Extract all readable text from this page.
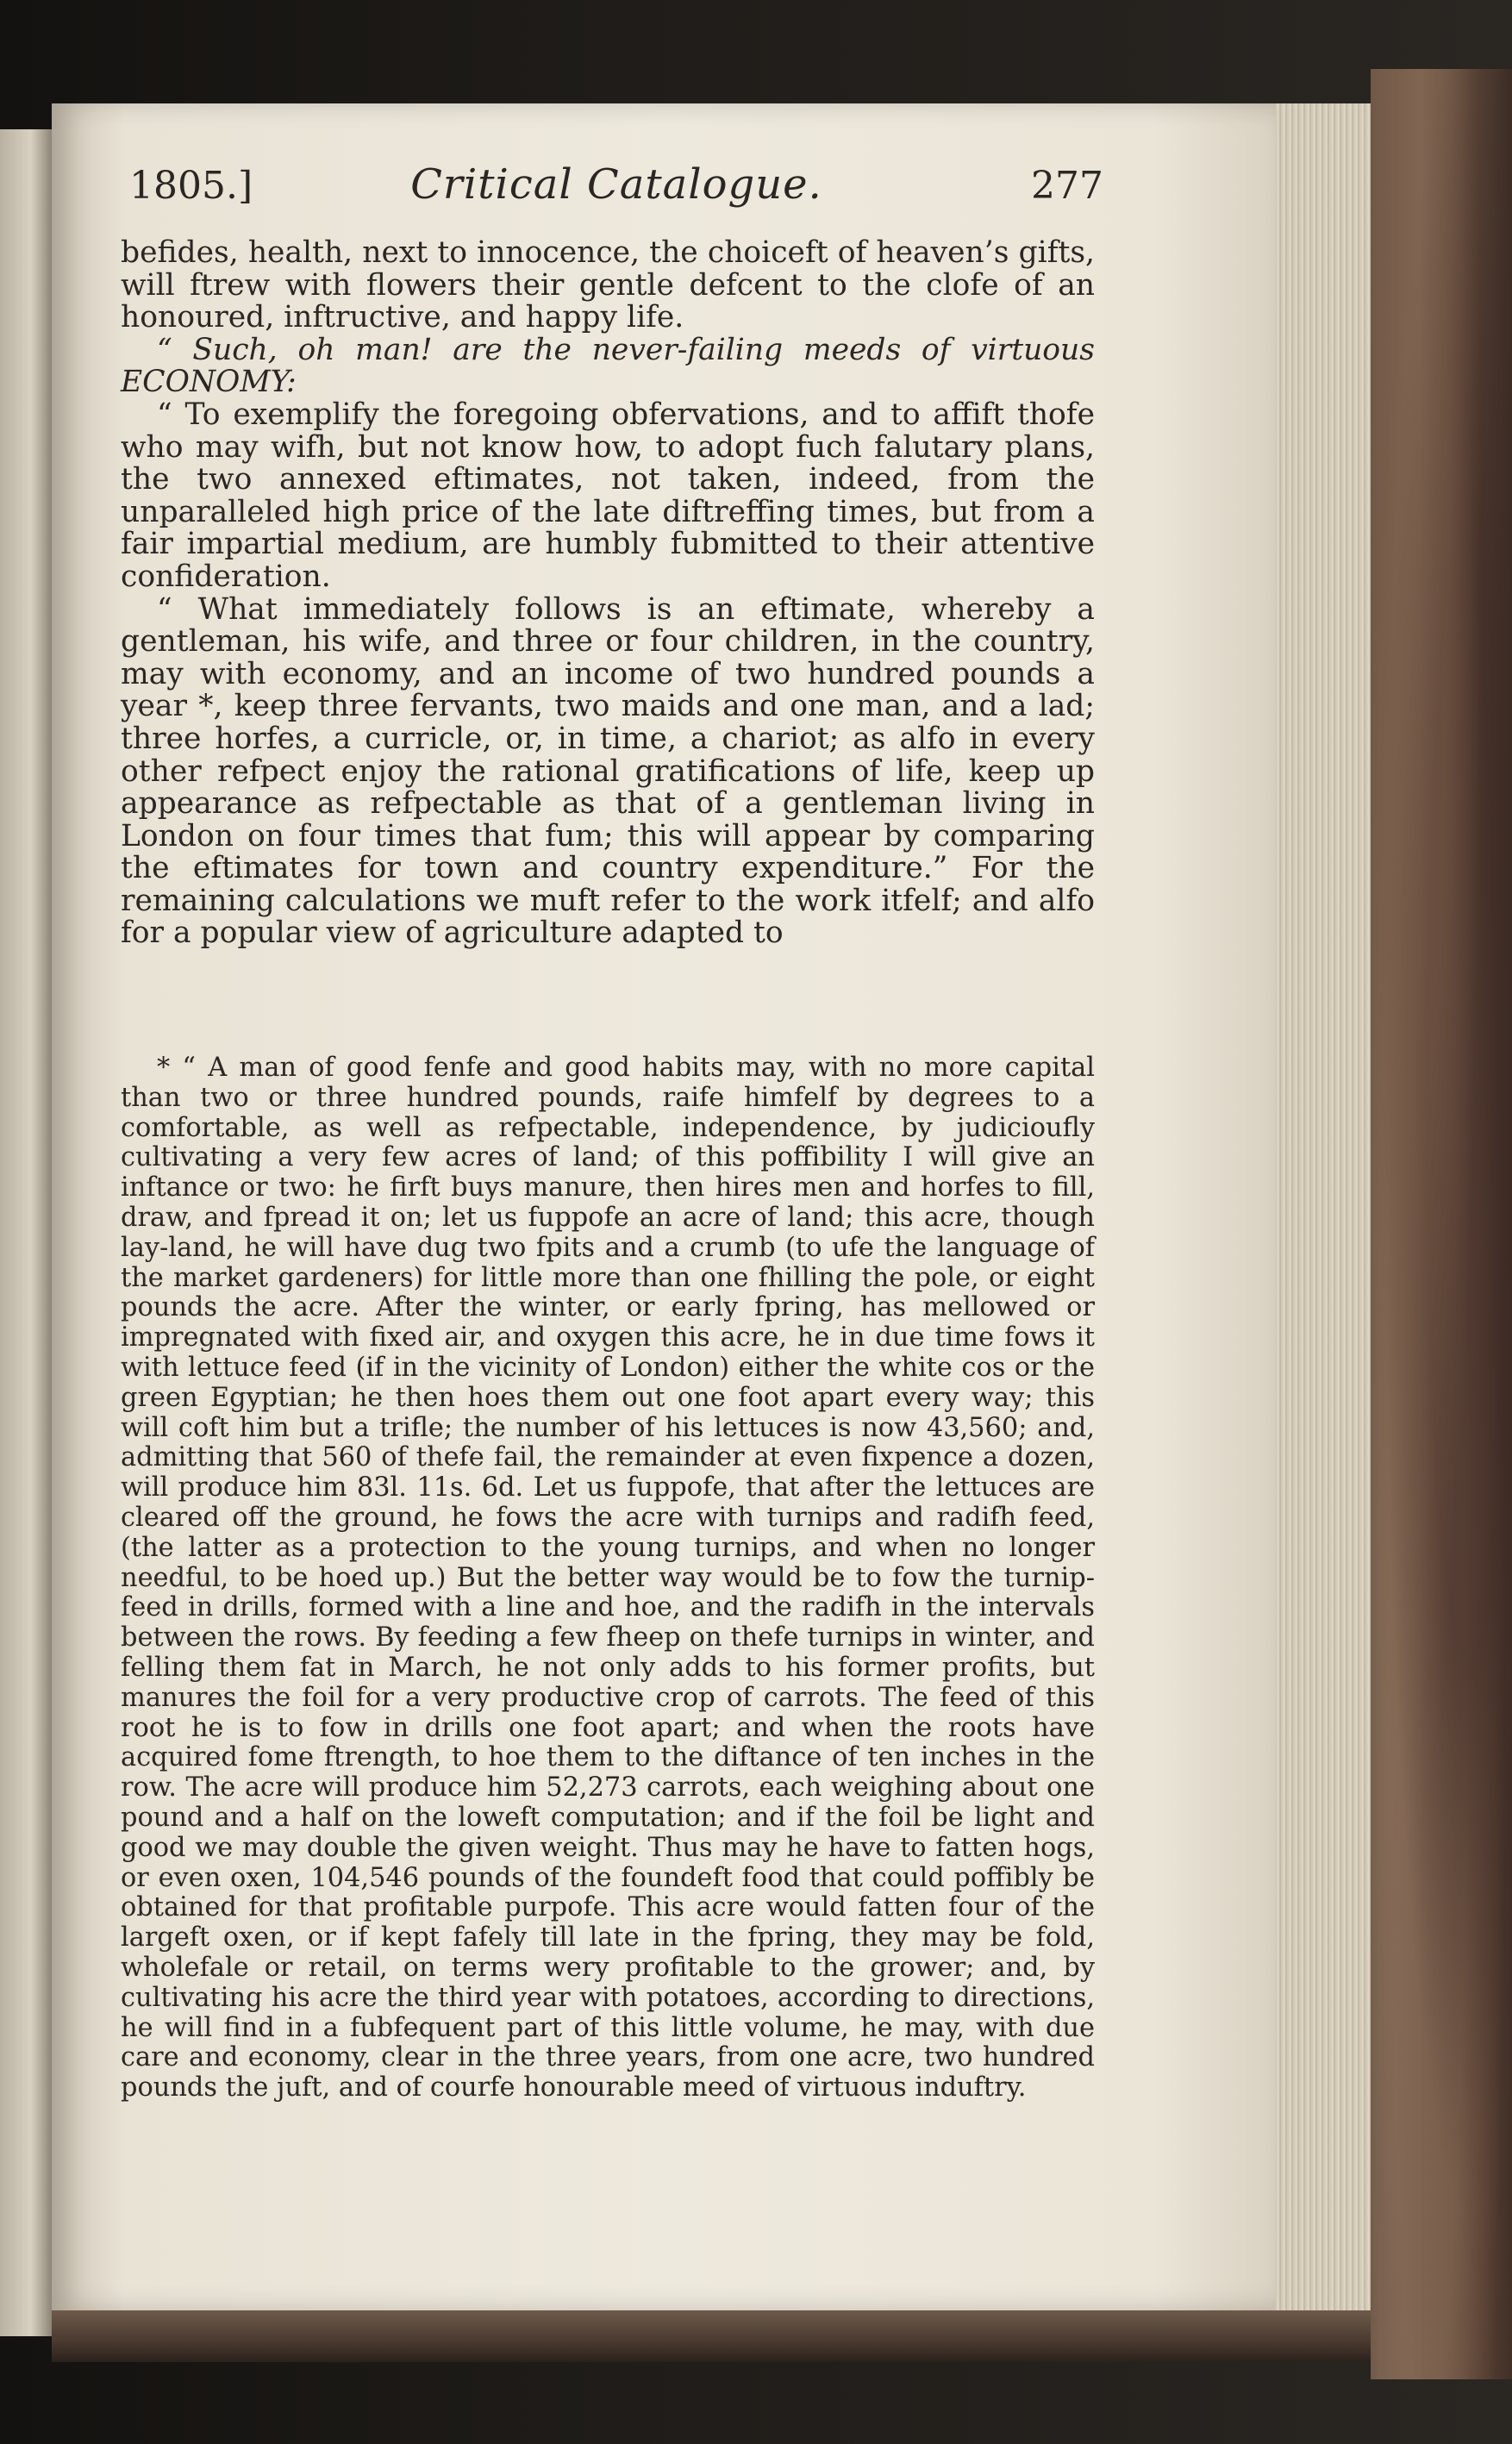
1805.]	Critical Catalogue.	277

befides, health, next to innocence, the choiceft of heaven’s gifts, will ftrew with flowers their gentle defcent to the clofe of an honoured, inftructive, and happy life.

“ Such, oh man! are the never-failing meeds of virtuous ECONOMY:

“ To exemplify the foregoing obfervations, and to affift thofe who may wifh, but not know how, to adopt fuch falutary plans, the two annexed eftimates, not taken, indeed, from the unparalleled high price of the late diftreffing times, but from a fair impartial medium, are humbly fubmitted to their attentive confideration.

“ What immediately follows is an eftimate, whereby a gentleman, his wife, and three or four children, in the country, may with economy, and an income of two hundred pounds a year *, keep three fervants, two maids and one man, and a lad; three horfes, a curricle, or, in time, a chariot; as alfo in every other refpect enjoy the rational gratifications of life, keep up appearance as refpectable as that of a gentleman living in London on four times that fum; this will appear by comparing the eftimates for town and country expenditure.” For the remaining calculations we muft refer to the work itfelf; and alfo for a popular view of agriculture adapted to

* “ A man of good fenfe and good habits may, with no more capital than two or three hundred pounds, raife himfelf by degrees to a comfortable, as well as refpectable, independence, by judicioufly cultivating a very few acres of land; of this poffibility I will give an inftance or two: he firft buys manure, then hires men and horfes to fill, draw, and fpread it on; let us fuppofe an acre of land; this acre, though lay-land, he will have dug two fpits and a crumb (to ufe the language of the market gardeners) for little more than one fhilling the pole, or eight pounds the acre. After the winter, or early fpring, has mellowed or impregnated with fixed air, and oxygen this acre, he in due time fows it with lettuce feed (if in the vicinity of London) either the white cos or the green Egyptian; he then hoes them out one foot apart every way; this will coft him but a trifle; the number of his lettuces is now 43,560; and, admitting that 560 of thefe fail, the remainder at even fixpence a dozen, will produce him 83l. 11s. 6d. Let us fuppofe, that after the lettuces are cleared off the ground, he fows the acre with turnips and radifh feed, (the latter as a protection to the young turnips, and when no longer needful, to be hoed up.) But the better way would be to fow the turnip-feed in drills, formed with a line and hoe, and the radifh in the intervals between the rows. By feeding a few fheep on thefe turnips in winter, and felling them fat in March, he not only adds to his former profits, but manures the foil for a very productive crop of carrots. The feed of this root he is to fow in drills one foot apart; and when the roots have acquired fome ftrength, to hoe them to the diftance of ten inches in the row. The acre will produce him 52,273 carrots, each weighing about one pound and a half on the loweft computation; and if the foil be light and good we may double the given weight. Thus may he have to fatten hogs, or even oxen, 104,546 pounds of the foundeft food that could poffibly be obtained for that profitable purpofe. This acre would fatten four of the largeft oxen, or if kept fafely till late in the fpring, they may be fold, wholefale or retail, on terms wery profitable to the grower; and, by cultivating his acre the third year with potatoes, according to directions, he will find in a fubfequent part of this little volume, he may, with due care and economy, clear in the three years, from one acre, two hundred pounds the juft, and of courfe honourable meed of virtuous induftry.
